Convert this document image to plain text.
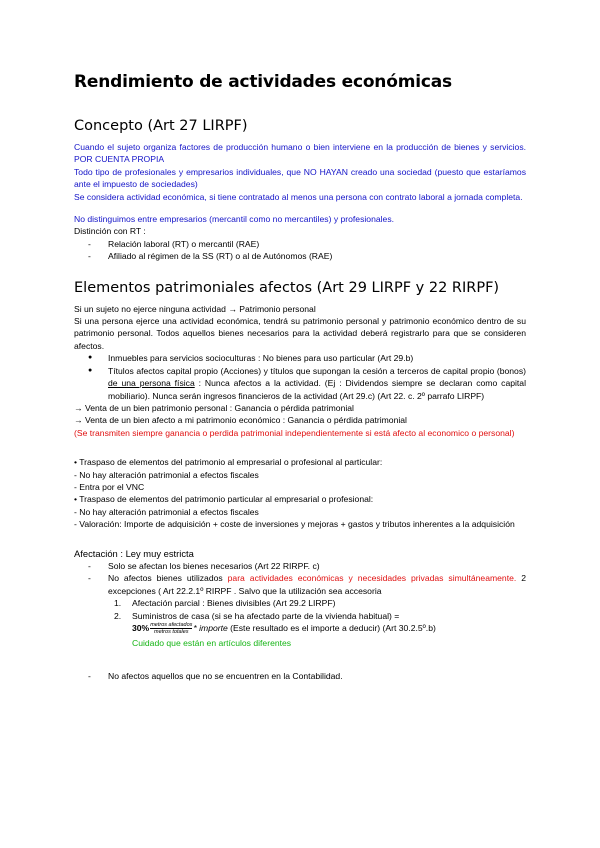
Rendimiento de actividades económicas
Concepto (Art 27 LIRPF)

Cuando el sujeto organiza factores de producción humano o bien interviene en la producción de bienes y servicios. POR CUENTA PROPIA

Todo tipo de profesionales y empresarios individuales, que NO HAYAN creado una sociedad (puesto que estaríamos ante el impuesto de sociedades)

Se considera actividad económica, si tiene contratado al menos una persona con contrato laboral a jornada completa.

No distinguimos entre empresarios (mercantil como no mercantiles) y profesionales.

Distinción con RT :

- Relación laboral (RT) o mercantil (RAE)
- Afiliado al régimen de la SS (RT) o al de Autónomos (RAE)
Elementos patrimoniales afectos (Art 29 LIRPF y 22 RIRPF)

Si un sujeto no ejerce ninguna actividad → Patrimonio personal

Si una persona ejerce una actividad económica, tendrá su patrimonio personal y patrimonio económico dentro de su patrimonio personal. Todos aquellos bienes necesarios para la actividad deberá registrarlo para que se consideren afectos.

● Inmuebles para servicios socioculturas : No bienes para uso particular (Art 29.b)
● Títulos afectos capital propio (Acciones) y títulos que supongan la cesión a terceros de capital propio (bonos) de una persona física : Nunca afectos a la actividad. (Ej : Dividendos siempre se declaran como capital mobiliario). Nunca serán ingresos financieros de la actividad (Art 29.c) (Art 22. c. 2º parrafo LIRPF)

→ Venta de un bien patrimonio personal : Ganancia o pérdida patrimonial

→ Venta de un bien afecto a mi patrimonio económico : Ganancia o pérdida patrimonial

(Se transmiten siempre ganancia o perdida patrimonial independientemente si está afecto al economico o personal)

• Traspaso de elementos del patrimonio al empresarial o profesional al particular:

- No hay alteración patrimonial a efectos fiscales

- Entra por el VNC

• Traspaso de elementos del patrimonio particular al empresarial o profesional:

- No hay alteración patrimonial a efectos fiscales

- Valoración: Importe de adquisición + coste de inversiones y mejoras + gastos y tributos inherentes a la adquisición

Afectación : Ley muy estricta

- Solo se afectan los bienes necesarios (Art 22 RIRPF. c)
- No afectos bienes utilizados para actividades económicas y necesidades privadas simultáneamente. 2 excepciones ( Art 22.2.1º RIRPF . Salvo que la utilización sea accesoria
1. Afectación parcial : Bienes divisibles (Art 29.2 LIRPF)
2. Suministros de casa (si se ha afectado parte de la vivienda habitual) =
$30\% \frac{\text{metros afectados}}{\text{metros totales}}$ * importe (Este resultado es el importe a deducir) (Art 30.2.5º.b)

Cuidado que están en artículos diferentes

- No afectos aquellos que no se encuentren en la Contabilidad.
